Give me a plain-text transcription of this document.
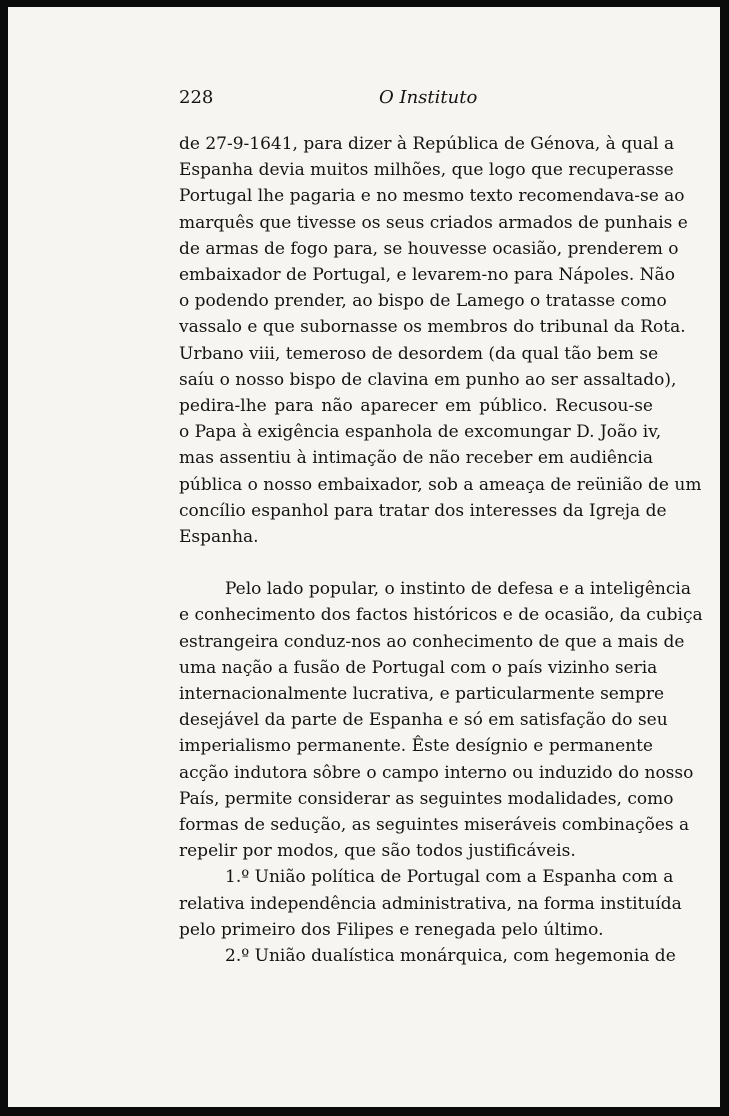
228	O Instituto
de 27-9-1641, para dizer à República de Génova, à qual a
Espanha devia muitos milhões, que logo que recuperasse
Portugal lhe pagaria e no mesmo texto recomendava-se ao
marquês que tivesse os seus criados armados de punhais e
de armas de fogo para, se houvesse ocasião, prenderem o
embaixador de Portugal, e levarem-no para Nápoles. Não
o podendo prender, ao bispo de Lamego o tratasse como
vassalo e que subornasse os membros do tribunal da Rota.
Urbano viii, temeroso de desordem (da qual tão bem se
saíu o nosso bispo de clavina em punho ao ser assaltado),
pedira-lhe para não aparecer em público. Recusou-se
o Papa à exigência espanhola de excomungar D. João iv,
mas assentiu à intimação de não receber em audiência
pública o nosso embaixador, sob a ameaça de reünião de um
concílio espanhol para tratar dos interesses da Igreja de
Espanha.
Pelo lado popular, o instinto de defesa e a inteligência
e conhecimento dos factos históricos e de ocasião, da cubiça
estrangeira conduz-nos ao conhecimento de que a mais de
uma nação a fusão de Portugal com o país vizinho seria
internacionalmente lucrativa, e particularmente sempre
desejável da parte de Espanha e só em satisfação do seu
imperialismo permanente. Êste desígnio e permanente
acção indutora sôbre o campo interno ou induzido do nosso
País, permite considerar as seguintes modalidades, como
formas de sedução, as seguintes miseráveis combinações a
repelir por modos, que são todos justificáveis.
1.º União política de Portugal com a Espanha com a
relativa independência administrativa, na forma instituída
pelo primeiro dos Filipes e renegada pelo último.
2.º União dualística monárquica, com hegemonia de
